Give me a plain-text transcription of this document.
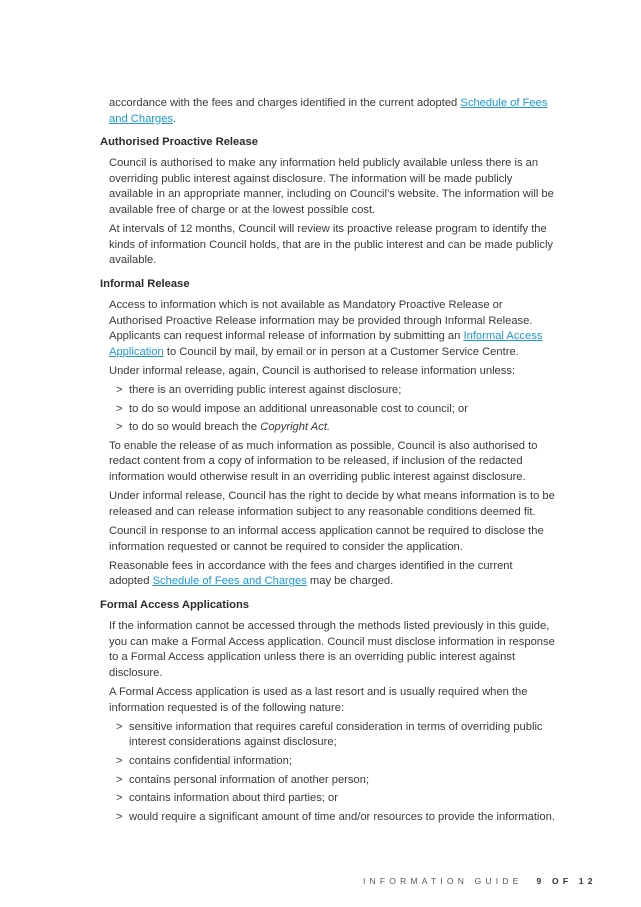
accordance with the fees and charges identified in the current adopted Schedule of Fees and Charges.

Authorised Proactive Release

Council is authorised to make any information held publicly available unless there is an overriding public interest against disclosure. The information will be made publicly available in an appropriate manner, including on Council’s website. The information will be available free of charge or at the lowest possible cost.

At intervals of 12 months, Council will review its proactive release program to identify the kinds of information Council holds, that are in the public interest and can be made publicly available.

Informal Release

Access to information which is not available as Mandatory Proactive Release or Authorised Proactive Release information may be provided through Informal Release. Applicants can request informal release of information by submitting an Informal Access Application to Council by mail, by email or in person at a Customer Service Centre.

Under informal release, again, Council is authorised to release information unless:

> there is an overriding public interest against disclosure;

> to do so would impose an additional unreasonable cost to council; or

> to do so would breach the Copyright Act.

To enable the release of as much information as possible, Council is also authorised to redact content from a copy of information to be released, if inclusion of the redacted information would otherwise result in an overriding public interest against disclosure.

Under informal release, Council has the right to decide by what means information is to be released and can release information subject to any reasonable conditions deemed fit.

Council in response to an informal access application cannot be required to disclose the information requested or cannot be required to consider the application.

Reasonable fees in accordance with the fees and charges identified in the current adopted Schedule of Fees and Charges may be charged.

Formal Access Applications

If the information cannot be accessed through the methods listed previously in this guide, you can make a Formal Access application. Council must disclose information in response to a Formal Access application unless there is an overriding public interest against disclosure.

A Formal Access application is used as a last resort and is usually required when the information requested is of the following nature:

> sensitive information that requires careful consideration in terms of overriding public interest considerations against disclosure;

> contains confidential information;

> contains personal information of another person;

> contains information about third parties; or

> would require a significant amount of time and/or resources to provide the information.

INFORMATION GUIDE 9 OF 12
